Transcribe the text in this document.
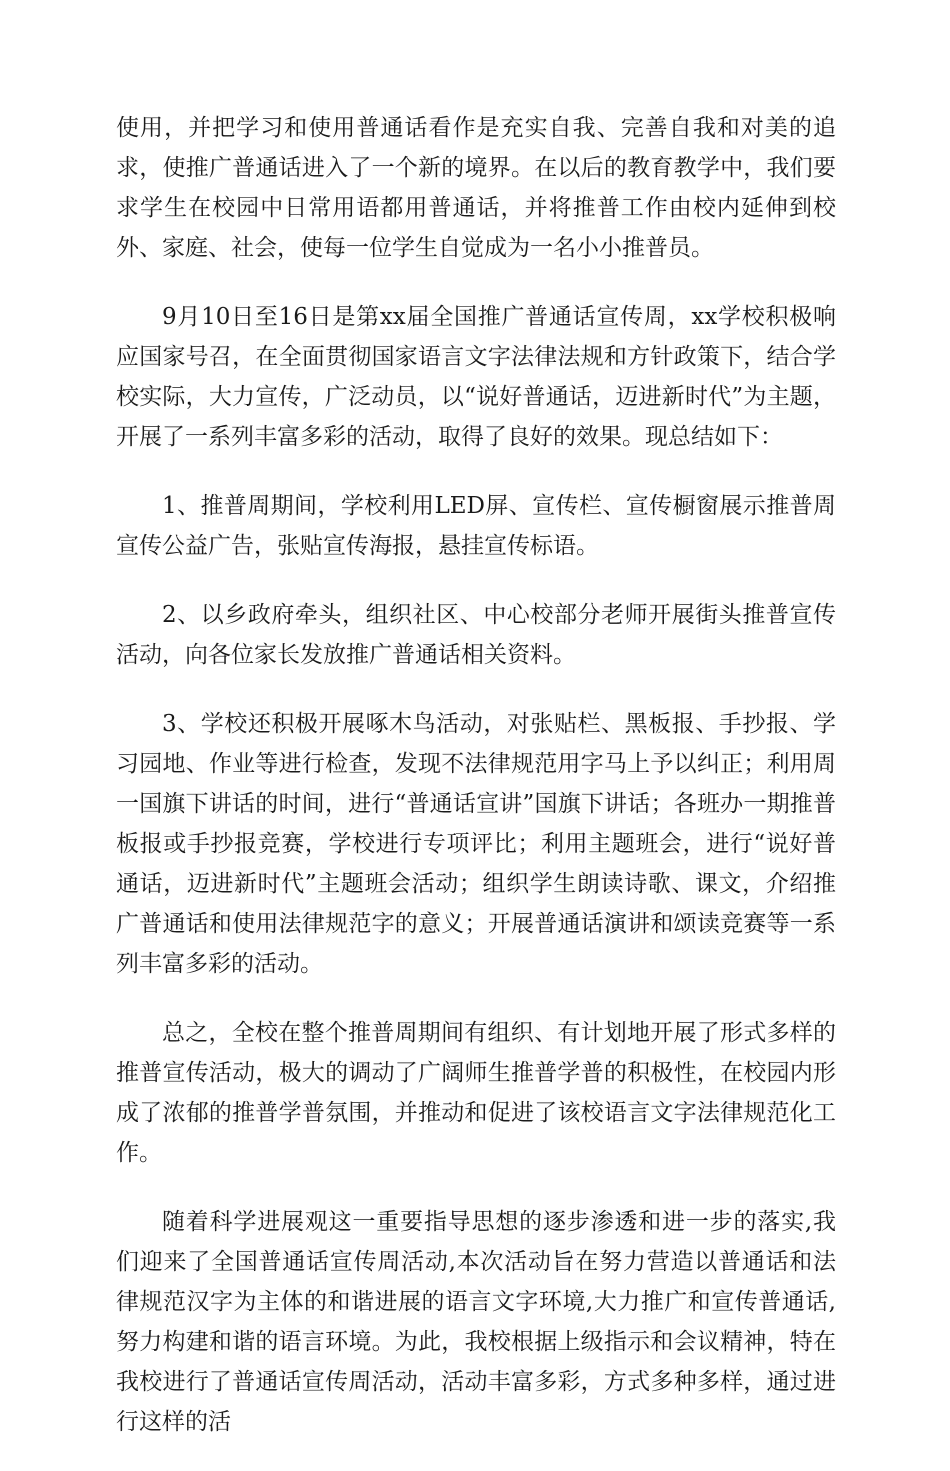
使用，并把学习和使用普通话看作是充实自我、完善自我和对美的追求，使推广普通话进入了一个新的境界。在以后的教育教学中，我们要求学生在校园中日常用语都用普通话，并将推普工作由校内延伸到校外、家庭、社会，使每一位学生自觉成为一名小小推普员。

9月10日至16日是第xx届全国推广普通话宣传周，xx学校积极响应国家号召，在全面贯彻国家语言文字法律法规和方针政策下，结合学校实际，大力宣传，广泛动员，以“说好普通话，迈进新时代”为主题，开展了一系列丰富多彩的活动，取得了良好的效果。现总结如下：

1、推普周期间，学校利用LED屏、宣传栏、宣传橱窗展示推普周宣传公益广告，张贴宣传海报，悬挂宣传标语。

2、以乡政府牵头，组织社区、中心校部分老师开展街头推普宣传活动，向各位家长发放推广普通话相关资料。

3、学校还积极开展啄木鸟活动，对张贴栏、黑板报、手抄报、学习园地、作业等进行检查，发现不法律规范用字马上予以纠正；利用周一国旗下讲话的时间，进行“普通话宣讲”国旗下讲话；各班办一期推普板报或手抄报竞赛，学校进行专项评比；利用主题班会，进行“说好普通话，迈进新时代”主题班会活动；组织学生朗读诗歌、课文，介绍推广普通话和使用法律规范字的意义；开展普通话演讲和颂读竞赛等一系列丰富多彩的活动。

总之，全校在整个推普周期间有组织、有计划地开展了形式多样的推普宣传活动，极大的调动了广阔师生推普学普的积极性，在校园内形成了浓郁的推普学普氛围，并推动和促进了该校语言文字法律规范化工作。

随着科学进展观这一重要指导思想的逐步渗透和进一步的落实,我们迎来了全国普通话宣传周活动,本次活动旨在努力营造以普通话和法律规范汉字为主体的和谐进展的语言文字环境,大力推广和宣传普通话,努力构建和谐的语言环境。为此，我校根据上级指示和会议精神，特在我校进行了普通话宣传周活动，活动丰富多彩，方式多种多样，通过进行这样的活
